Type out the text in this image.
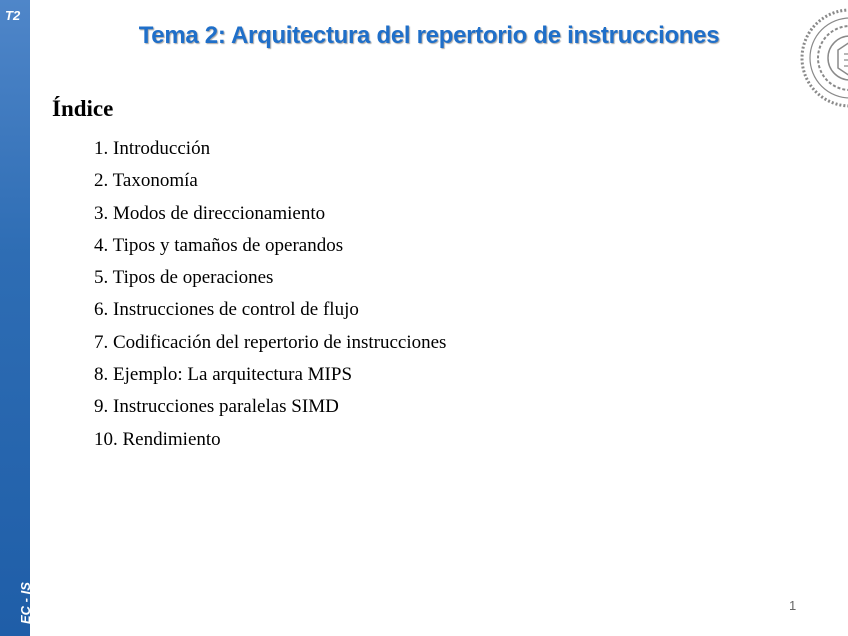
T2
EC - IS
Tema 2: Arquitectura del repertorio de instrucciones
Índice
1. Introducción
2. Taxonomía
3. Modos de direccionamiento
4. Tipos y tamaños de operandos
5. Tipos de operaciones
6. Instrucciones de control de flujo
7. Codificación del repertorio de instrucciones
8. Ejemplo: La arquitectura MIPS
9. Instrucciones paralelas SIMD
10. Rendimiento
1
